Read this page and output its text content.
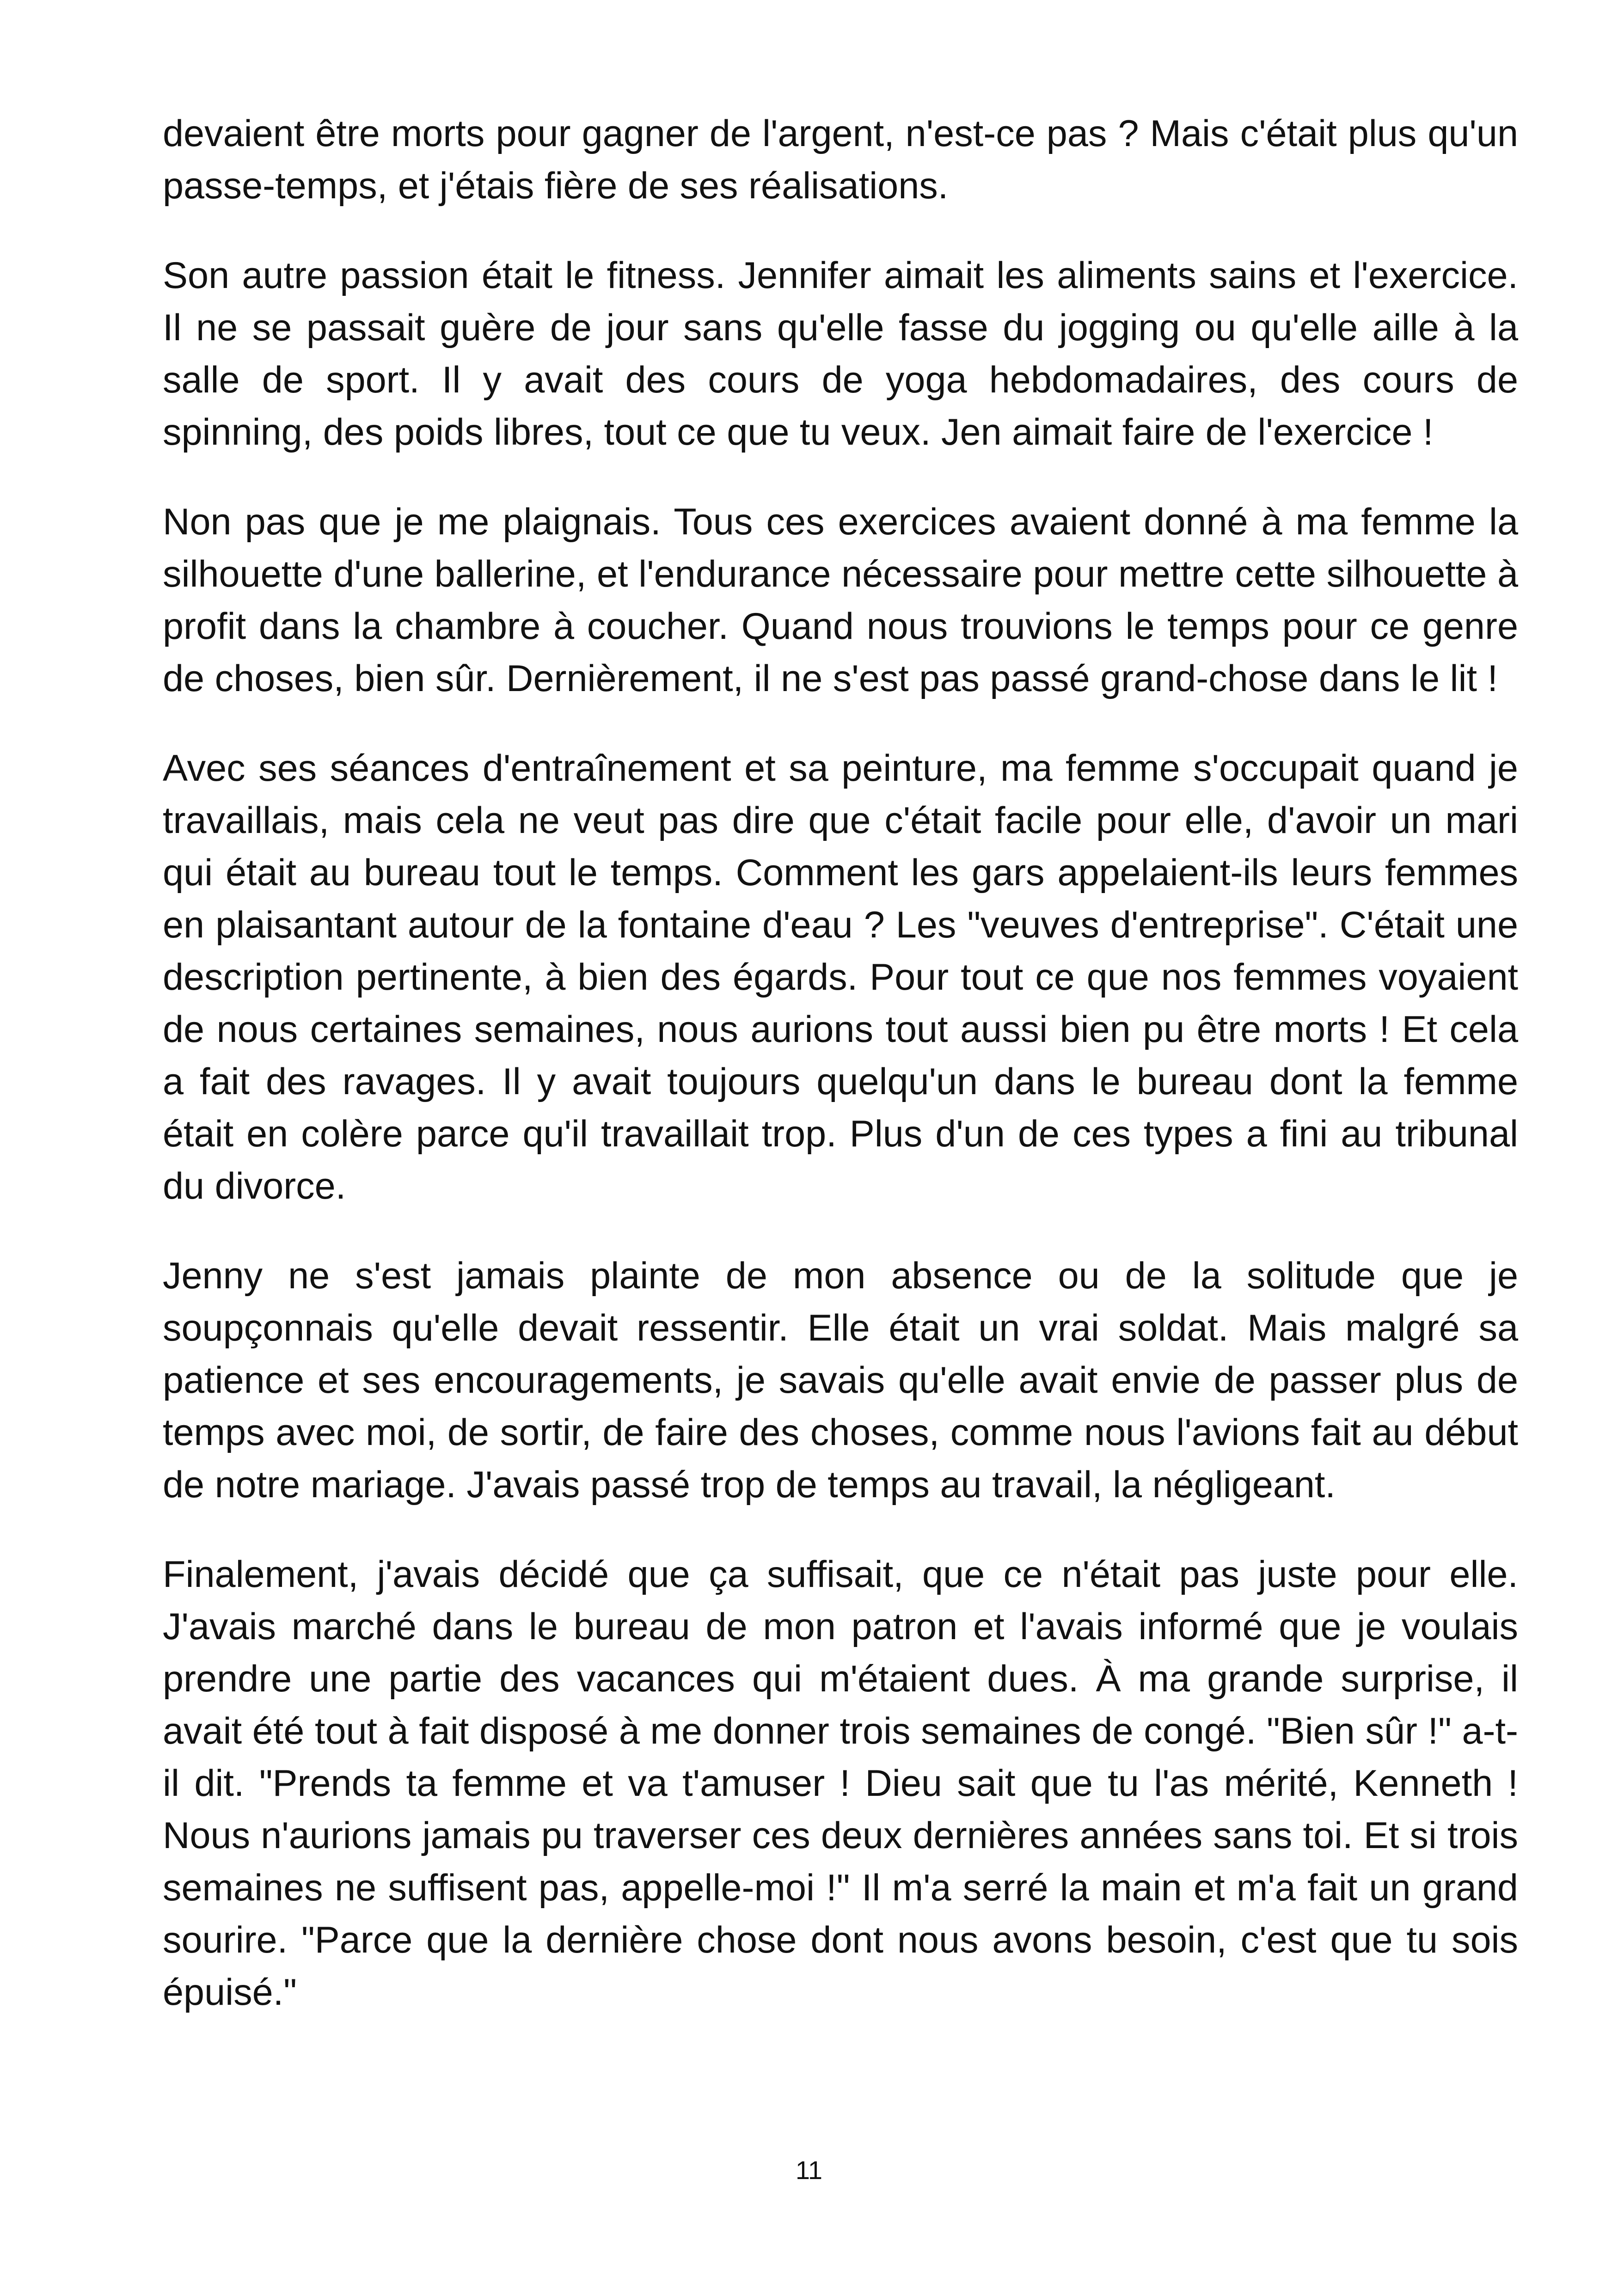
devaient être morts pour gagner de l'argent, n'est-ce pas ? Mais c'était plus qu'un passe-temps, et j'étais fière de ses réalisations.

Son autre passion était le fitness. Jennifer aimait les aliments sains et l'exercice. Il ne se passait guère de jour sans qu'elle fasse du jogging ou qu'elle aille à la salle de sport. Il y avait des cours de yoga hebdomadaires, des cours de spinning, des poids libres, tout ce que tu veux. Jen aimait faire de l'exercice !

Non pas que je me plaignais. Tous ces exercices avaient donné à ma femme la silhouette d'une ballerine, et l'endurance nécessaire pour mettre cette silhouette à profit dans la chambre à coucher. Quand nous trouvions le temps pour ce genre de choses, bien sûr. Dernièrement, il ne s'est pas passé grand-chose dans le lit !

Avec ses séances d'entraînement et sa peinture, ma femme s'occupait quand je travaillais, mais cela ne veut pas dire que c'était facile pour elle, d'avoir un mari qui était au bureau tout le temps. Comment les gars appelaient-ils leurs femmes en plaisantant autour de la fontaine d'eau ? Les "veuves d'entreprise". C'était une description pertinente, à bien des égards. Pour tout ce que nos femmes voyaient de nous certaines semaines, nous aurions tout aussi bien pu être morts ! Et cela a fait des ravages. Il y avait toujours quelqu'un dans le bureau dont la femme était en colère parce qu'il travaillait trop. Plus d'un de ces types a fini au tribunal du divorce.

Jenny ne s'est jamais plainte de mon absence ou de la solitude que je soupçonnais qu'elle devait ressentir. Elle était un vrai soldat. Mais malgré sa patience et ses encouragements, je savais qu'elle avait envie de passer plus de temps avec moi, de sortir, de faire des choses, comme nous l'avions fait au début de notre mariage. J'avais passé trop de temps au travail, la négligeant.

Finalement, j'avais décidé que ça suffisait, que ce n'était pas juste pour elle. J'avais marché dans le bureau de mon patron et l'avais informé que je voulais prendre une partie des vacances qui m'étaient dues. À ma grande surprise, il avait été tout à fait disposé à me donner trois semaines de congé. "Bien sûr !" a-t-il dit. "Prends ta femme et va t'amuser ! Dieu sait que tu l'as mérité, Kenneth ! Nous n'aurions jamais pu traverser ces deux dernières années sans toi. Et si trois semaines ne suffisent pas, appelle-moi !" Il m'a serré la main et m'a fait un grand sourire. "Parce que la dernière chose dont nous avons besoin, c'est que tu sois épuisé."

11
